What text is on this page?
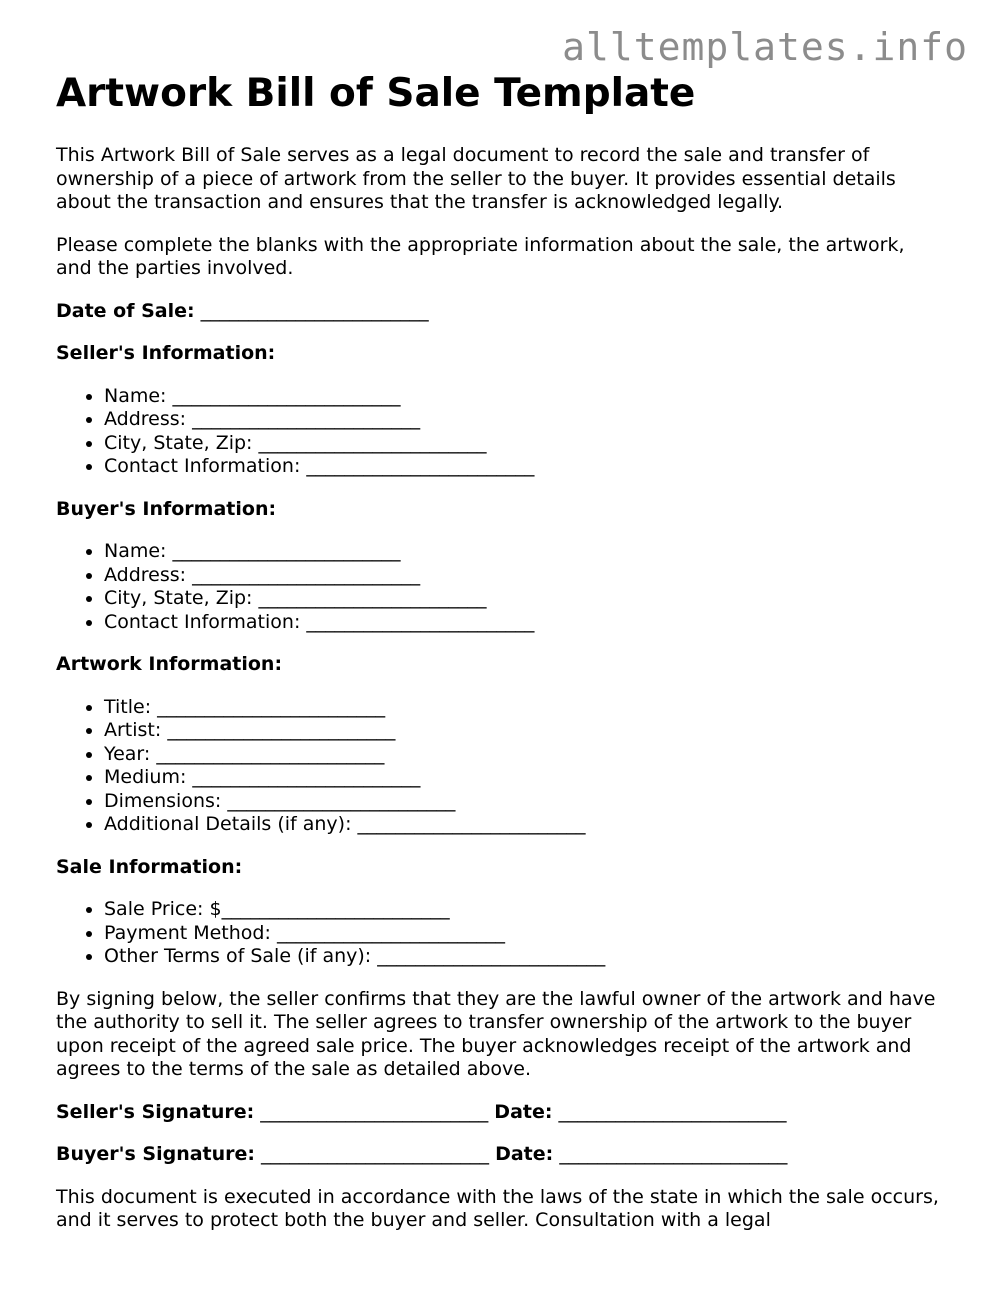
alltemplates.info
Artwork Bill of Sale Template

This Artwork Bill of Sale serves as a legal document to record the sale and transfer of ownership of a piece of artwork from the seller to the buyer. It provides essential details about the transaction and ensures that the transfer is acknowledged legally.

Please complete the blanks with the appropriate information about the sale, the artwork, and the parties involved.

Date of Sale: ________________________
Seller's Information:
• Name: ________________________
• Address: ________________________
• City, State, Zip: ________________________
• Contact Information: ________________________
Buyer's Information:
• Name: ________________________
• Address: ________________________
• City, State, Zip: ________________________
• Contact Information: ________________________
Artwork Information:
• Title: ________________________
• Artist: ________________________
• Year: ________________________
• Medium: ________________________
• Dimensions: ________________________
• Additional Details (if any): ________________________
Sale Information:
• Sale Price: $________________________
• Payment Method: ________________________
• Other Terms of Sale (if any): ________________________

By signing below, the seller confirms that they are the lawful owner of the artwork and have the authority to sell it. The seller agrees to transfer ownership of the artwork to the buyer upon receipt of the agreed sale price. The buyer acknowledges receipt of the artwork and agrees to the terms of the sale as detailed above.

Seller's Signature: ________________________ Date: ________________________
Buyer's Signature: ________________________ Date: ________________________

This document is executed in accordance with the laws of the state in which the sale occurs, and it serves to protect both the buyer and seller. Consultation with a legal
